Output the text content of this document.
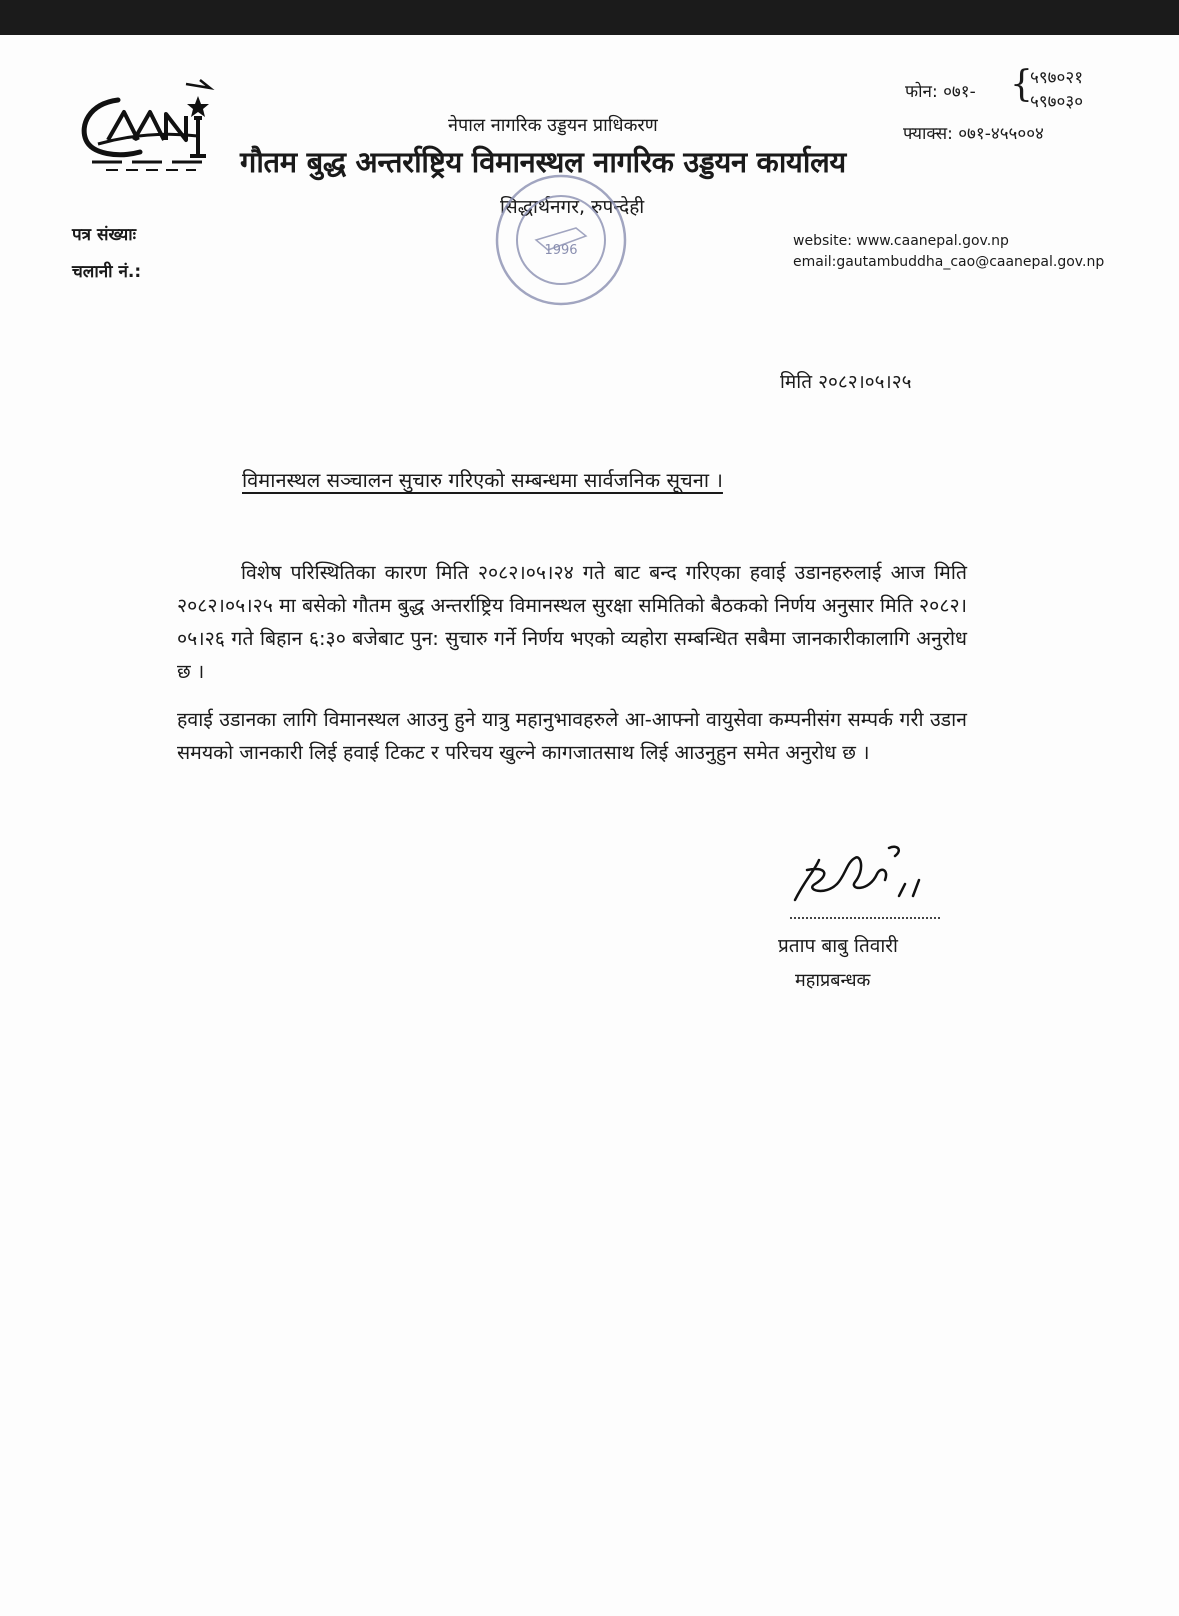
नेपाल नागरिक उड्डयन प्राधिकरण

गौतम बुद्ध अन्तर्राष्ट्रिय विमानस्थल नागरिक उड्डयन कार्यालय

सिद्धार्थनगर, रुपन्देही

फोन: ०७१- {

५९७०२१

५९७०३०

फ्याक्स: ०७१-४५५००४

website: www.caanepal.gov.np

email:gautambuddha_cao@caanepal.gov.np

पत्र संख्याः

चलानी नं.:

1996

मिति २०८२।०५।२५

विमानस्थल सञ्चालन सुचारु गरिएको सम्बन्धमा सार्वजनिक सूचना ।

विशेष परिस्थितिका कारण मिति २०८२।०५।२४ गते बाट बन्द गरिएका हवाई उडानहरुलाई आज मिति २०८२।०५।२५ मा बसेको गौतम बुद्ध अन्तर्राष्ट्रिय विमानस्थल सुरक्षा समितिको बैठकको निर्णय अनुसार मिति २०८२।०५।२६ गते बिहान ६:३० बजेबाट पुन: सुचारु गर्ने निर्णय भएको व्यहोरा सम्बन्धित सबैमा जानकारीकालागि अनुरोध छ ।

हवाई उडानका लागि विमानस्थल आउनु हुने यात्रु महानुभावहरुले आ-आफ्नो वायुसेवा कम्पनीसंग सम्पर्क गरी उडान समयको जानकारी लिई हवाई टिकट र परिचय खुल्ने कागजातसाथ लिई आउनुहुन समेत अनुरोध छ ।

प्रताप बाबु तिवारी

महाप्रबन्धक
